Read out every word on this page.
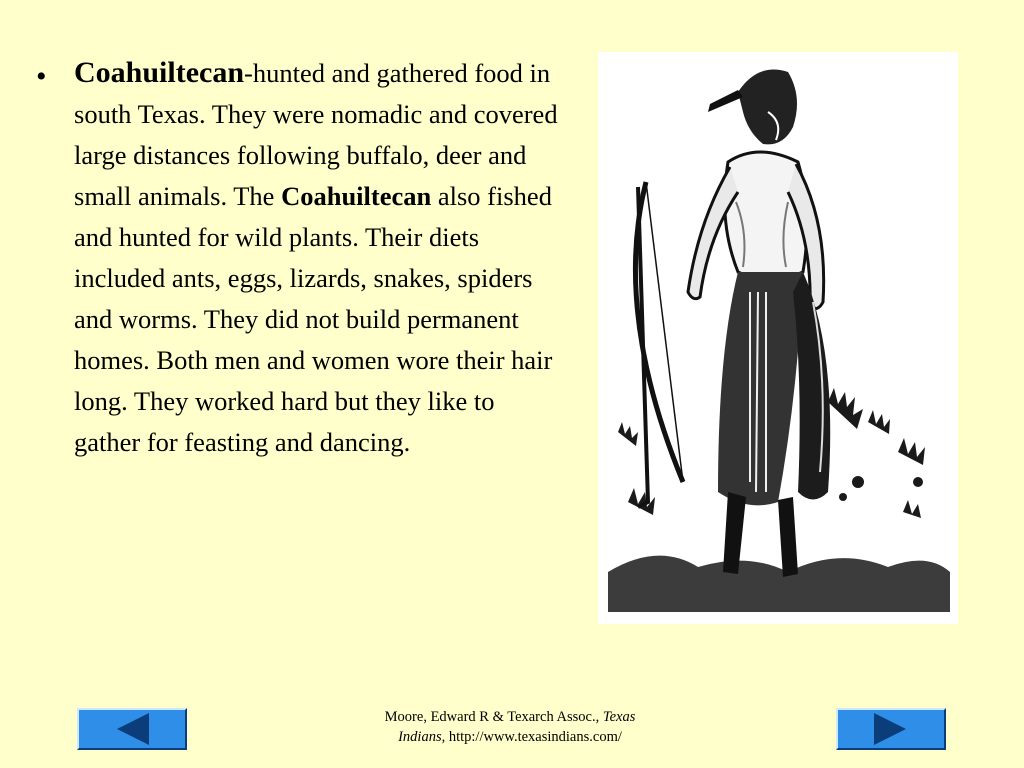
• Coahuiltecan-hunted and gathered food in south Texas. They were nomadic and covered large distances following buffalo, deer and small animals. The Coahuiltecan also fished and hunted for wild plants. Their diets included ants, eggs, lizards, snakes, spiders and worms. They did not build permanent homes. Both men and women wore their hair long. They worked hard but they like to gather for feasting and dancing.
Moore, Edward R & Texarch Assoc., Texas
Indians, http://www.texasindians.com/
